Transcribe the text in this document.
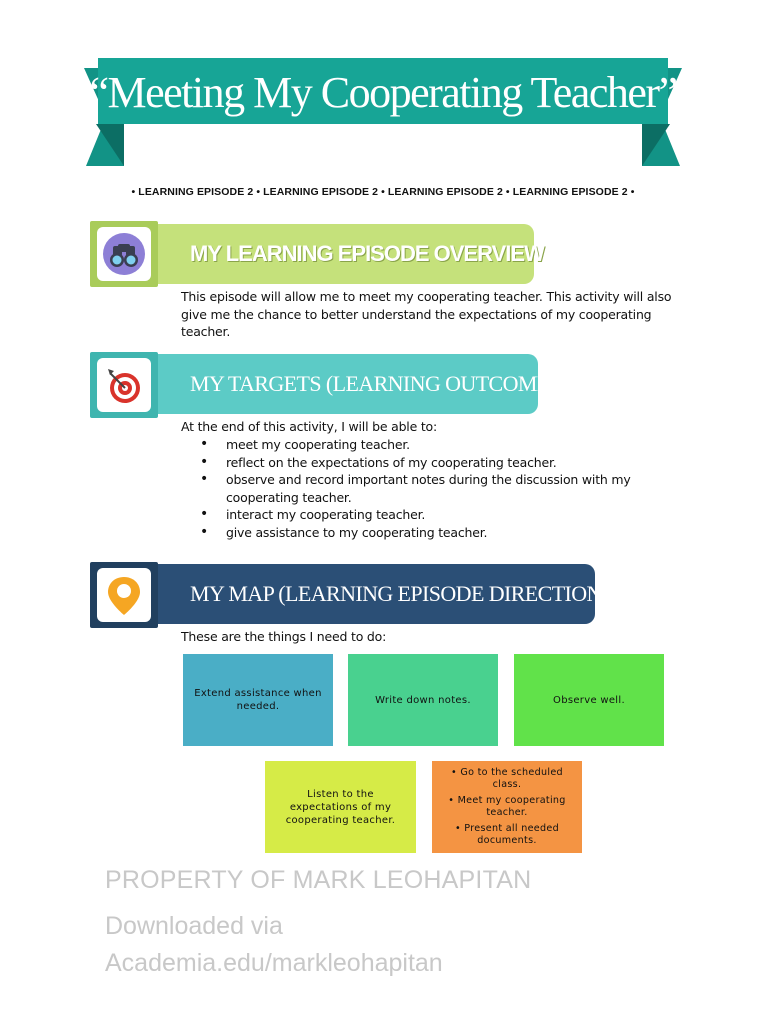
“Meeting My Cooperating Teacher”
• LEARNING EPISODE 2 • LEARNING EPISODE 2 • LEARNING EPISODE 2 • LEARNING EPISODE 2 •
MY LEARNING EPISODE OVERVIEW
This episode will allow me to meet my cooperating teacher. This activity will also give me the chance to better understand the expectations of my cooperating teacher.
MY TARGETS (LEARNING OUTCOMES)
At the end of this activity, I will be able to:
• meet my cooperating teacher.
• reflect on the expectations of my cooperating teacher.
• observe and record important notes during the discussion with my cooperating teacher.
• interact my cooperating teacher.
• give assistance to my cooperating teacher.
MY MAP (LEARNING EPISODE DIRECTIONS)
These are the things I need to do:
Extend assistance when needed.
Write down notes.	Observe well.
Listen to the expectations of my cooperating teacher.
• Go to the scheduled class.
• Meet my cooperating teacher.
• Present all needed documents.
PROPERTY OF MARK LEOHAPITAN
Downloaded via
Academia.edu/markleohapitan
